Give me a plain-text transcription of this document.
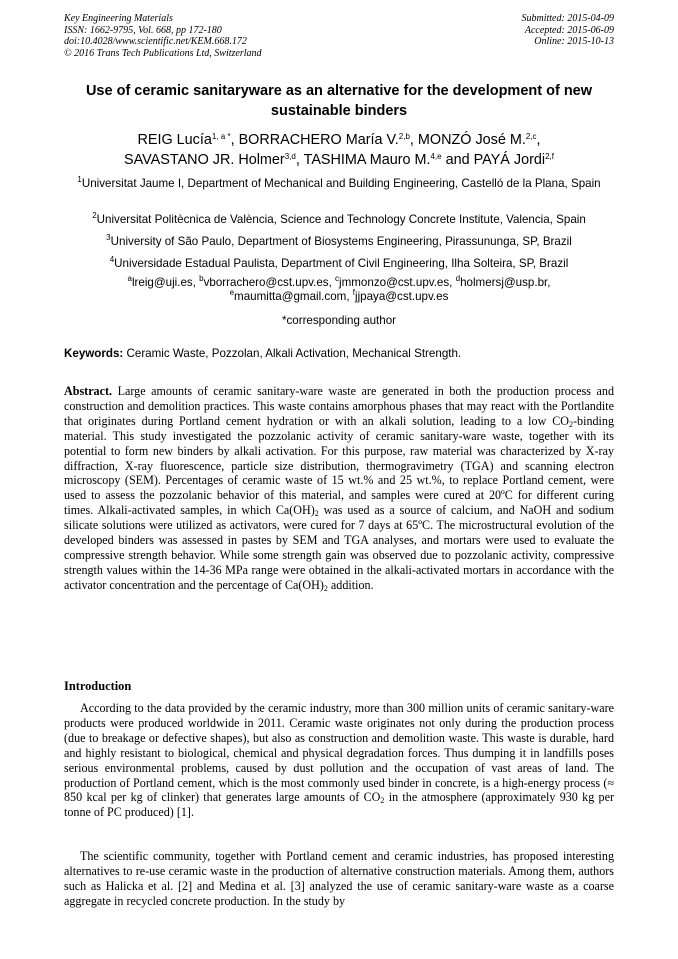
Key Engineering Materials
ISSN: 1662-9795, Vol. 668, pp 172-180
doi:10.4028/www.scientific.net/KEM.668.172
© 2016 Trans Tech Publications Ltd, Switzerland
Submitted: 2015-04-09
Accepted: 2015-06-09
Online: 2015-10-13
Use of ceramic sanitaryware as an alternative for the development of new sustainable binders
REIG Lucía$^{1, a *}$, BORRACHERO María V.$^{2,b}$, MONZÓ José M.$^{2,c}$,
SAVASTANO JR. Holmer$^{3,d}$, TASHIMA Mauro M.$^{4,e}$ and PAYÁ Jordi$^{2,f}$
$^1$Universitat Jaume I, Department of Mechanical and Building Engineering, Castelló de la Plana, Spain
$^2$Universitat Politècnica de València, Science and Technology Concrete Institute, Valencia, Spain
$^3$University of São Paulo, Department of Biosystems Engineering, Pirassununga, SP, Brazil
$^4$Universidade Estadual Paulista, Department of Civil Engineering, Ilha Solteira, SP, Brazil
$^a$lreig@uji.es, $^b$vborrachero@cst.upv.es, $^c$jmmonzo@cst.upv.es, $^d$holmersj@usp.br,
$^e$maumitta@gmail.com, $^f$jjpaya@cst.upv.es
*corresponding author
Keywords: Ceramic Waste, Pozzolan, Alkali Activation, Mechanical Strength.
Abstract. Large amounts of ceramic sanitary-ware waste are generated in both the production process and construction and demolition practices. This waste contains amorphous phases that may react with the Portlandite that originates during Portland cement hydration or with an alkali solution, leading to a low $CO_2$-binding material. This study investigated the pozzolanic activity of ceramic sanitary-ware waste, together with its potential to form new binders by alkali activation. For this purpose, raw material was characterized by X-ray diffraction, X-ray fluorescence, particle size distribution, thermogravimetry (TGA) and scanning electron microscopy (SEM). Percentages of ceramic waste of 15 wt.% and 25 wt.%, to replace Portland cement, were used to assess the pozzolanic behavior of this material, and samples were cured at 20ºC for different curing times. Alkali-activated samples, in which $Ca(OH)_2$ was used as a source of calcium, and NaOH and sodium silicate solutions were utilized as activators, were cured for 7 days at 65ºC. The microstructural evolution of the developed binders was assessed in pastes by SEM and TGA analyses, and mortars were used to evaluate the compressive strength behavior. While some strength gain was observed due to pozzolanic activity, compressive strength values within the 14-36 MPa range were obtained in the alkali-activated mortars in accordance with the activator concentration and the percentage of $Ca(OH)_2$ addition.
Introduction
According to the data provided by the ceramic industry, more than 300 million units of ceramic sanitary-ware products were produced worldwide in 2011. Ceramic waste originates not only during the production process (due to breakage or defective shapes), but also as construction and demolition waste. This waste is durable, hard and highly resistant to biological, chemical and physical degradation forces. Thus dumping it in landfills poses serious environmental problems, caused by dust pollution and the occupation of vast areas of land. The production of Portland cement, which is the most commonly used binder in concrete, is a high-energy process (≈ 850 kcal per kg of clinker) that generates large amounts of $CO_2$ in the atmosphere (approximately 930 kg per tonne of PC produced) [1].
The scientific community, together with Portland cement and ceramic industries, has proposed interesting alternatives to re-use ceramic waste in the production of alternative construction materials. Among them, authors such as Halicka et al. [2] and Medina et al. [3] analyzed the use of ceramic sanitary-ware waste as a coarse aggregate in recycled concrete production. In the study by
